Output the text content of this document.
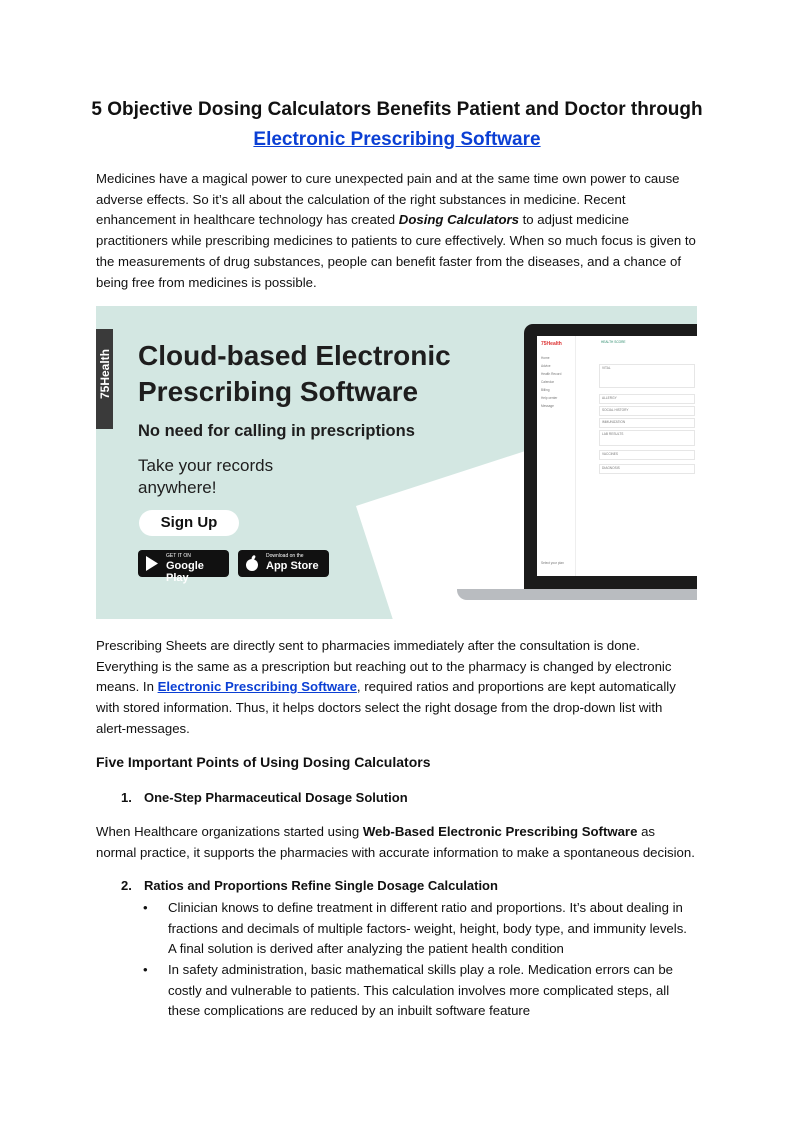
5 Objective Dosing Calculators Benefits Patient and Doctor through
Electronic Prescribing Software
Medicines have a magical power to cure unexpected pain and at the same time own power to cause adverse effects. So it’s all about the calculation of the right substances in medicine. Recent enhancement in healthcare technology has created Dosing Calculators to adjust medicine practitioners while prescribing medicines to patients to cure effectively. When so much focus is given to the measurements of drug substances, people can benefit faster from the diseases, and a chance of being free from medicines is possible.
75Health Cloud-based Electronic
Prescribing Software
No need for calling in prescriptions
Take your records
anywhere!
Sign Up
GET IT ON
Google Play
Download on the
App Store
75Health
Home
Advice
Health Record
Calendar
Billing
Help center
Message
Select your plan
HEALTH SCORE
VITAL
ALLERGY
SOCIAL HISTORY
IMMUNIZATION
LAB RESULTS
VACCINES
DIAGNOSIS
Prescribing Sheets are directly sent to pharmacies immediately after the consultation is done. Everything is the same as a prescription but reaching out to the pharmacy is changed by electronic means. In Electronic Prescribing Software, required ratios and proportions are kept automatically with stored information. Thus, it helps doctors select the right dosage from the drop-down list with alert-messages.
Five Important Points of Using Dosing Calculators
1. One-Step Pharmaceutical Dosage Solution
When Healthcare organizations started using Web-Based Electronic Prescribing Software as normal practice, it supports the pharmacies with accurate information to make a spontaneous decision.
2. Ratios and Proportions Refine Single Dosage Calculation
• Clinician knows to define treatment in different ratio and proportions. It’s about dealing in fractions and decimals of multiple factors- weight, height, body type, and immunity levels. A final solution is derived after analyzing the patient health condition
• In safety administration, basic mathematical skills play a role. Medication errors can be costly and vulnerable to patients. This calculation involves more complicated steps, all these complications are reduced by an inbuilt software feature
